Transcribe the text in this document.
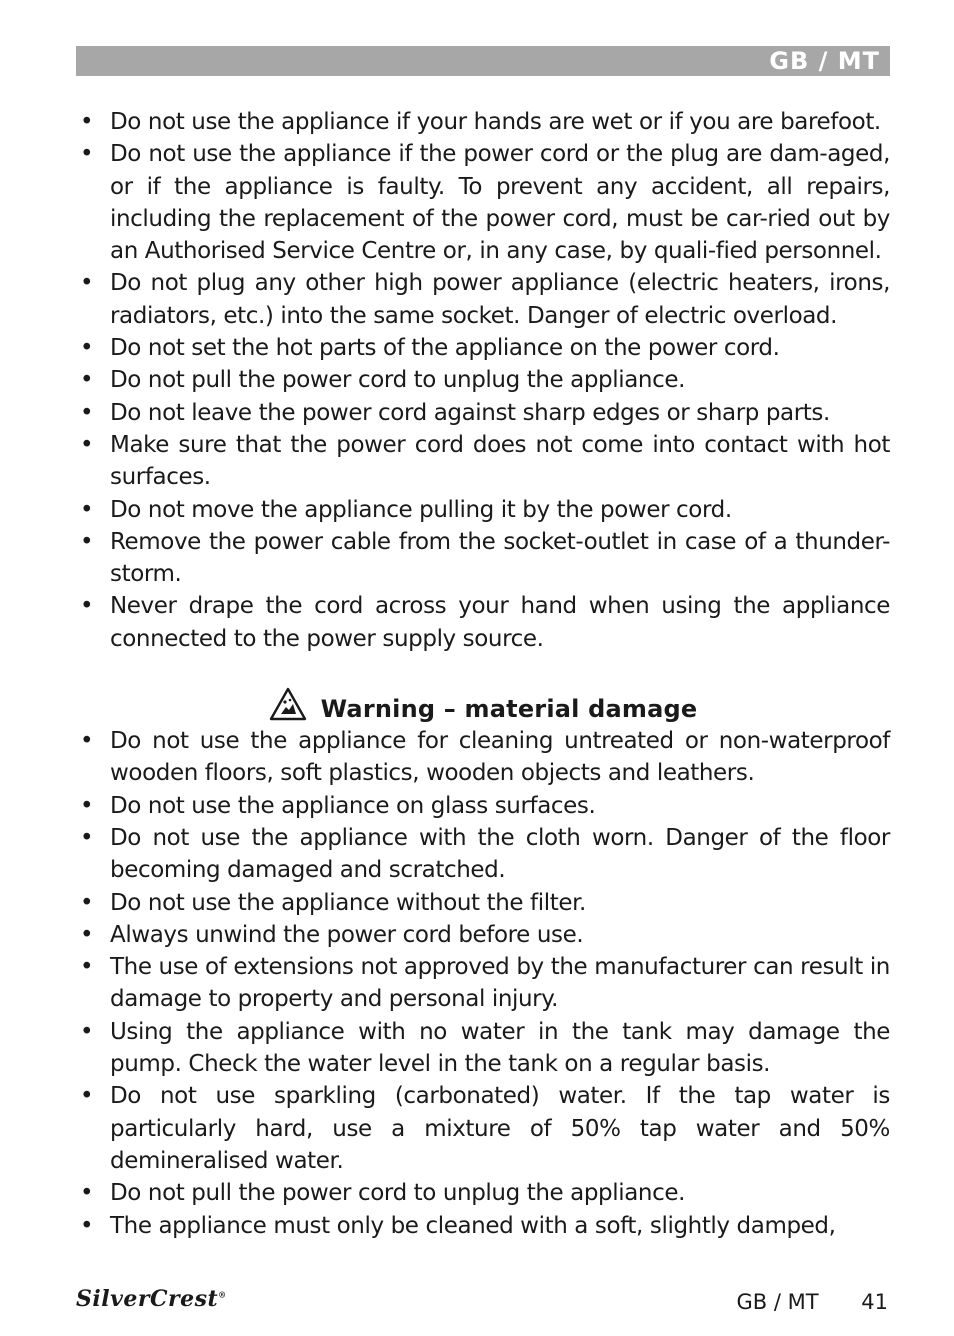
GB / MT
• Do not use the appliance if your hands are wet or if you are barefoot.
• Do not use the appliance if the power cord or the plug are dam-aged, or if the appliance is faulty. To prevent any accident, all repairs, including the replacement of the power cord, must be car-ried out by an Authorised Service Centre or, in any case, by quali-fied personnel.
• Do not plug any other high power appliance (electric heaters, irons, radiators, etc.) into the same socket. Danger of electric overload.
• Do not set the hot parts of the appliance on the power cord.
• Do not pull the power cord to unplug the appliance.
• Do not leave the power cord against sharp edges or sharp parts.
• Make sure that the power cord does not come into contact with hot surfaces.
• Do not move the appliance pulling it by the power cord.
• Remove the power cable from the socket-outlet in case of a thunder-storm.
• Never drape the cord across your hand when using the appliance connected to the power supply source.
Warning – material damage
• Do not use the appliance for cleaning untreated or non-waterproof wooden floors, soft plastics, wooden objects and leathers.
• Do not use the appliance on glass surfaces.
• Do not use the appliance with the cloth worn. Danger of the floor becoming damaged and scratched.
• Do not use the appliance without the filter.
• Always unwind the power cord before use.
• The use of extensions not approved by the manufacturer can result in damage to property and personal injury.
• Using the appliance with no water in the tank may damage the pump. Check the water level in the tank on a regular basis.
• Do not use sparkling (carbonated) water. If the tap water is particularly hard, use a mixture of 50% tap water and 50% demineralised water.
• Do not pull the power cord to unplug the appliance.
• The appliance must only be cleaned with a soft, slightly damped,
SilverCrest®	GB / MT 41
